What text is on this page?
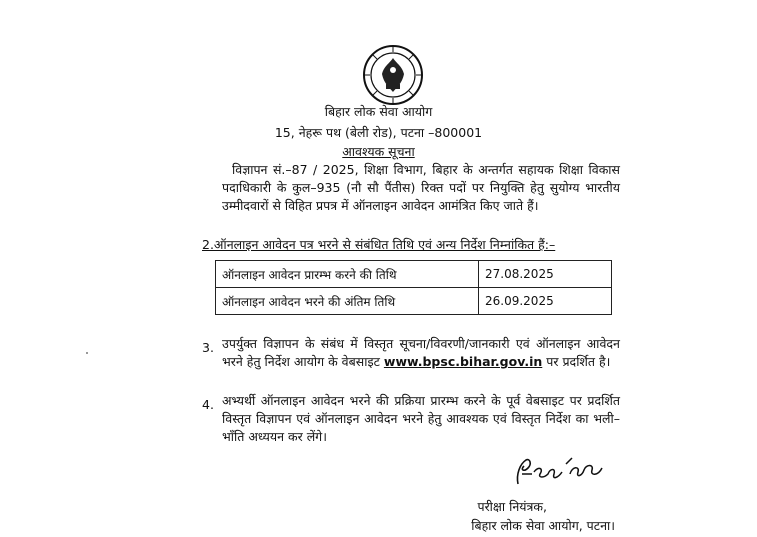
बिहार लोक सेवा आयोग
15, नेहरू पथ (बेली रोड), पटना –800001
आवश्यक सूचना
विज्ञापन सं.–87 / 2025, शिक्षा विभाग, बिहार के अन्तर्गत सहायक शिक्षा विकास पदाधिकारी के कुल–935 (नौ सौ पैंतीस) रिक्त पदों पर नियुक्ति हेतु सुयोग्य भारतीय उम्मीदवारों से विहित प्रपत्र में ऑनलाइन आवेदन आमंत्रित किए जाते हैं।
2.ऑनलाइन आवेदन पत्र भरने से संबंधित तिथि एवं अन्य निर्देश निम्नांकित हैं:–
ऑनलाइन आवेदन प्रारम्भ करने की तिथि	27.08.2025
ऑनलाइन आवेदन भरने की अंतिम तिथि	26.09.2025
3. उपर्युक्त विज्ञापन के संबंध में विस्तृत सूचना/विवरणी/जानकारी एवं ऑनलाइन आवेदन भरने हेतु निर्देश आयोग के वेबसाइट www.bpsc.bihar.gov.in पर प्रदर्शित है।
4. अभ्यर्थी ऑनलाइन आवेदन भरने की प्रक्रिया प्रारम्भ करने के पूर्व वेबसाइट पर प्रदर्शित विस्तृत विज्ञापन एवं ऑनलाइन आवेदन भरने हेतु आवश्यक एवं विस्तृत निर्देश का भली–भाँति अध्ययन कर लेंगे।
परीक्षा नियंत्रक,
बिहार लोक सेवा आयोग, पटना।
